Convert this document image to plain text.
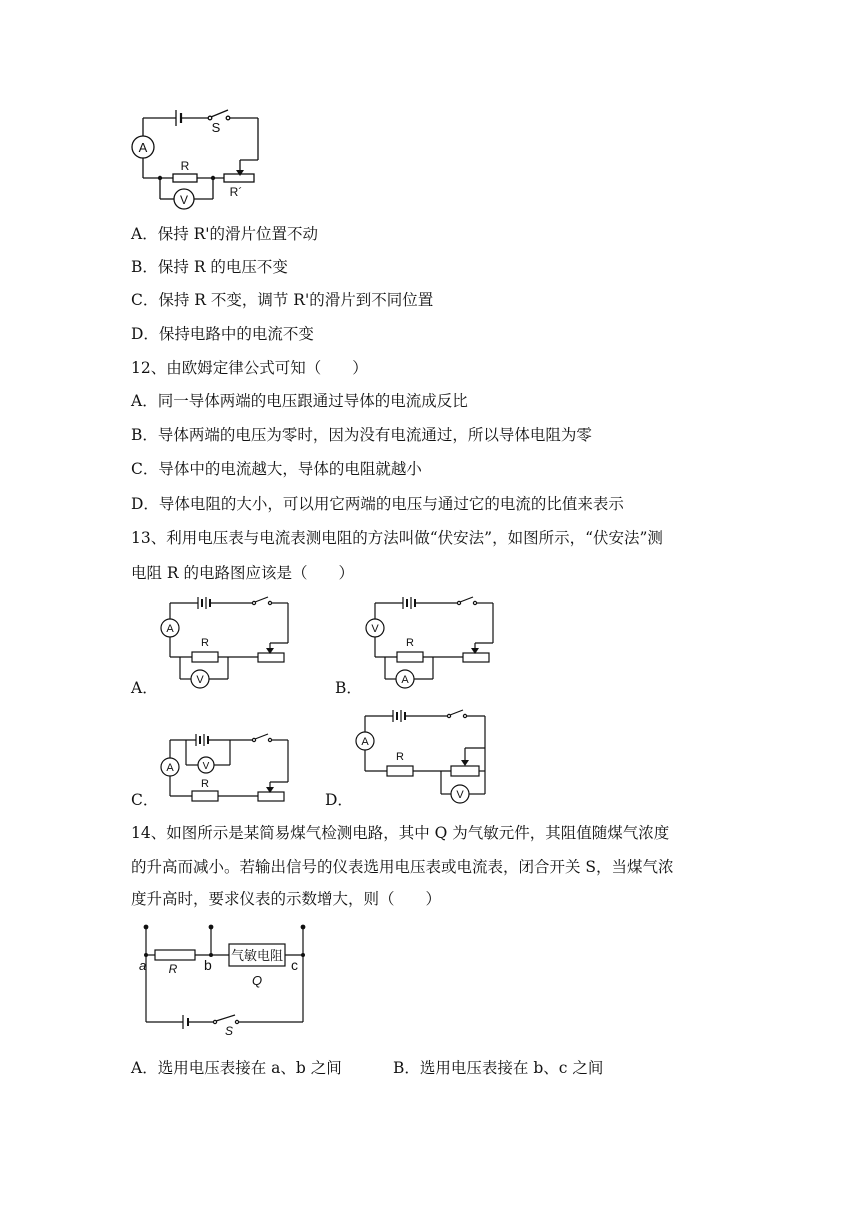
A
V
S
R
R´
A．保持 R'的滑片位置不动
B．保持 R 的电压不变
C．保持 R 不变，调节 R'的滑片到不同位置
D．保持电路中的电流不变
12、由欧姆定律公式可知（　　）
A．同一导体两端的电压跟通过导体的电流成反比
B．导体两端的电压为零时，因为没有电流通过，所以导体电阻为零
C．导体中的电流越大，导体的电阻就越小
D．导体电阻的大小，可以用它两端的电压与通过它的电流的比值来表示
13、利用电压表与电流表测电阻的方法叫做“伏安法”，如图所示，“伏安法”测
电阻 R 的电路图应该是（　　）
A．
A
R
V	B．
V
R
A
C．
A	V
R
D．
A
R
V
14、如图所示是某简易煤气检测电路，其中 Q 为气敏元件，其阻值随煤气浓度
的升高而减小。若输出信号的仪表选用电压表或电流表，闭合开关 S，当煤气浓
度升高时，要求仪表的示数增大，则（　　）
a R b
气敏电阻
Q
c
S
A．选用电压表接在 a、b 之间	B．选用电压表接在 b、c 之间
